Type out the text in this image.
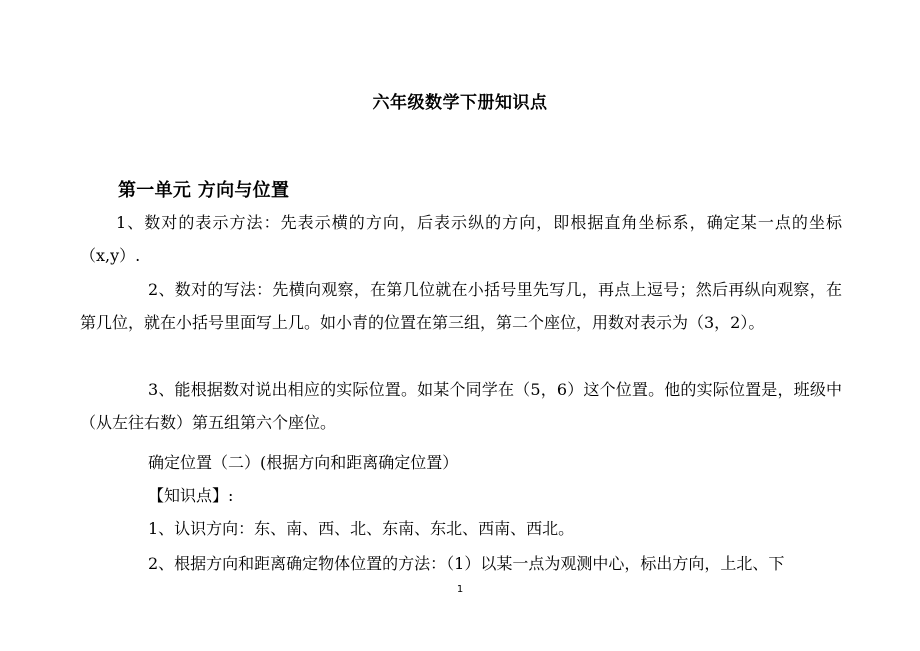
六年级数学下册知识点
第一单元 方向与位置
1、数对的表示方法：先表示横的方向，后表示纵的方向，即根据直角坐标系，确定某一点的坐标（x,y）.
2、数对的写法：先横向观察，在第几位就在小括号里先写几，再点上逗号；然后再纵向观察，在第几位，就在小括号里面写上几。如小青的位置在第三组，第二个座位，用数对表示为（3，2）。
3、能根据数对说出相应的实际位置。如某个同学在（5，6）这个位置。他的实际位置是，班级中（从左往右数）第五组第六个座位。
确定位置（二）(根据方向和距离确定位置）
【知识点】:
1、认识方向：东、南、西、北、东南、东北、西南、西北。
2、根据方向和距离确定物体位置的方法：（1）以某一点为观测中心，标出方向，上北、下
1
